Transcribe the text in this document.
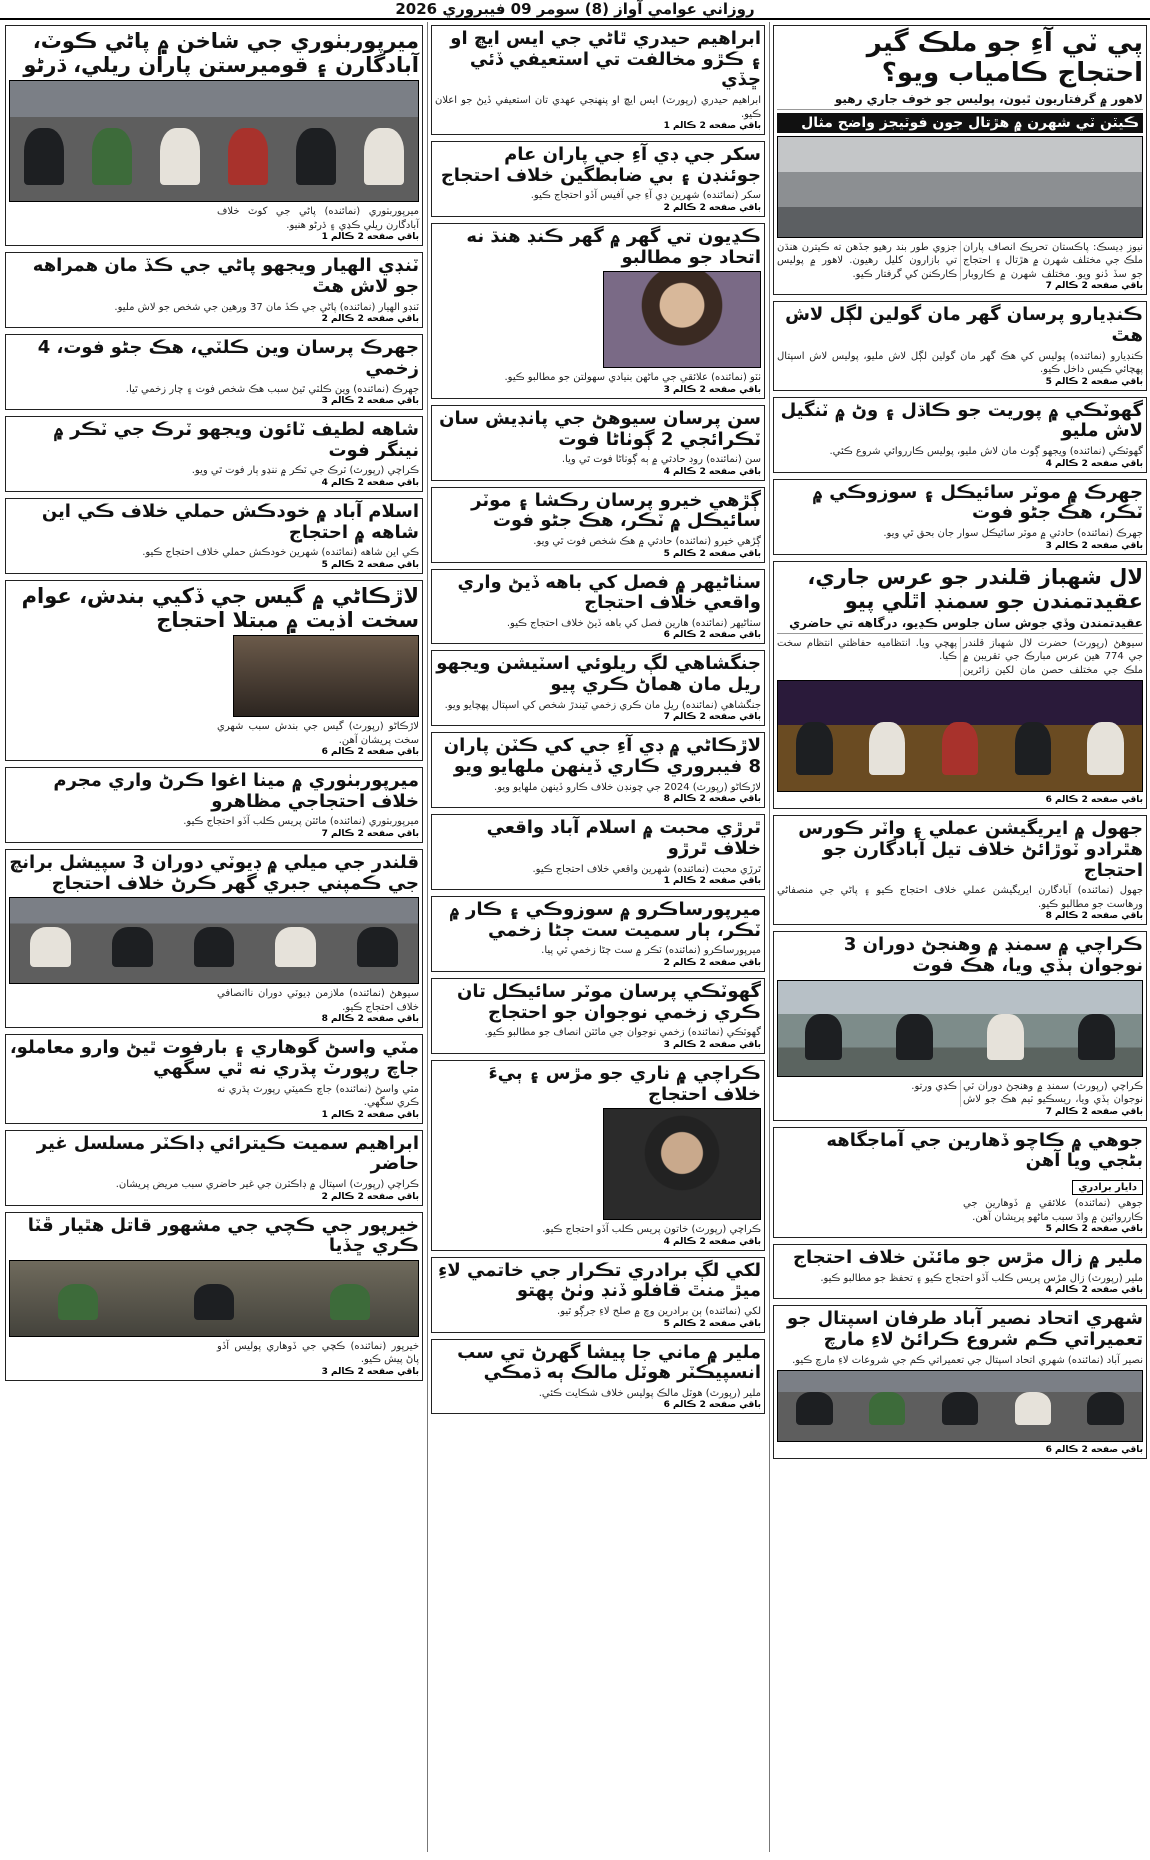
روزاني عوامي آواز (8) سومر 09 فيبروري 2026
پي ٽي آءِ جو ملڪ گير احتجاج ڪامياب ويو؟
لاهور ۾ گرفتاريون ٿيون، پوليس جو خوف جاري رهيو
ڪيٽن ٽي شهرن ۾ هڙتال جون فوٽيجز واضح مثال
نيوز ڊيسڪ: پاڪستان تحريڪ انصاف پاران ملڪ جي مختلف شهرن ۾ هڙتال ۽ احتجاج جو سڏ ڏنو ويو. مختلف شهرن ۾ ڪاروبار جزوي طور بند رهيو جڏهن ته ڪيترن هنڌن تي بازارون کليل رهيون. لاهور ۾ پوليس ڪارڪنن کي گرفتار ڪيو.
باقي صفحه 2 ڪالم 7
ڪنڊيارو پرسان گهر مان گولين لڳل لاش هٿ
ڪنڊيارو (نمائنده) پوليس کي هڪ گهر مان گولين لڳل لاش مليو، پوليس لاش اسپتال پهچائي ڪيس داخل ڪيو.
باقي صفحه 2 ڪالم 5
گهوٽڪي ۾ پوريت جو ڪاڌل ۽ وڻ ۾ ٽنگيل لاش مليو
گهوٽڪي (نمائنده) ويجهو ڳوٺ مان لاش مليو، پوليس ڪارروائي شروع ڪئي.
باقي صفحه 2 ڪالم 4
جهرڪ ۾ موٽر سائيڪل ۽ سوزوڪي ۾ ٽڪر، هڪ جڻو فوت
جهرڪ (نمائنده) حادثي ۾ موٽر سائيڪل سوار جان بحق ٿي ويو.
باقي صفحه 2 ڪالم 3
لال شهباز قلندر جو عرس جاري، عقيدتمندن جو سمنڊ اٿلي پيو
عقيدتمندن وڏي جوش سان جلوس ڪڍيو، درگاهه تي حاضري
سيوهڻ (رپورٽ) حضرت لال شهباز قلندر جي 774 هين عرس مبارڪ جي تقريبن ۾ ملڪ جي مختلف حصن مان لکين زائرين پهچي ويا. انتظاميه حفاظتي انتظام سخت ڪيا.
باقي صفحه 2 ڪالم 6
جهول ۾ ايريگيشن عملي ۽ واٽر ڪورس هٿرادو ٽوڙائڻ خلاف تيل آبادگارن جو احتجاج
جهول (نمائنده) آبادگارن ايريگيشن عملي خلاف احتجاج ڪيو ۽ پاڻي جي منصفاڻي ورهاست جو مطالبو ڪيو.
باقي صفحه 2 ڪالم 8
ڪراچي ۾ سمنڊ ۾ وهنجڻ دوران 3 نوجوان ٻڏي ويا، هڪ فوت
ڪراچي (رپورٽ) سمنڊ ۾ وهنجڻ دوران ٽي نوجوان ٻڏي ويا، ريسڪيو ٽيم هڪ جو لاش ڪڍي ورتو.
باقي صفحه 2 ڪالم 7
جوهي ۾ ڪاچو ڏهارين جي آماجگاهه بڻجي ويا آهن
دايار برادري
جوهي (نمائنده) علائقي ۾ ڏوهارين جي ڪارروائين ۾ واڌ سبب ماڻهو پريشان آهن.
باقي صفحه 2 ڪالم 5
ملير ۾ زال مڙس جو مائٽن خلاف احتجاج
ملير (رپورٽ) زال مڙس پريس ڪلب آڏو احتجاج ڪيو ۽ تحفظ جو مطالبو ڪيو.
باقي صفحه 2 ڪالم 4
شهري اتحاد نصير آباد طرفان اسپتال جو تعميراتي ڪم شروع ڪرائڻ لاءِ مارچ
نصير آباد (نمائنده) شهري اتحاد اسپتال جي تعميراتي ڪم جي شروعات لاءِ مارچ ڪيو.
باقي صفحه 2 ڪالم 6
ابراهيم حيدري ٿاڻي جي ايس ايڇ او ۽ ڪڙو مخالفت تي استعيفي ڏئي ڇڏي
ابراهيم حيدري (رپورٽ) ايس ايڇ او پنهنجي عهدي تان استعيفي ڏيڻ جو اعلان ڪيو.
باقي صفحه 2 ڪالم 1
سکر جي ڊي آءِ جي پاران عام جوئنڊن ۽ بي ضابطگين خلاف احتجاج
سکر (نمائنده) شهرين ڊي آءِ جي آفيس آڏو احتجاج ڪيو.
باقي صفحه 2 ڪالم 2
ڪڍيون تي گهر ۾ گهر ڪنڊ هنڌ نه اتحاد جو مطالبو
ٺٽو (نمائنده) علائقي جي ماڻهن بنيادي سهولتن جو مطالبو ڪيو.
باقي صفحه 2 ڪالم 3
سن پرسان سيوهڻ جي پانڊيش سان ٽڪرائجي 2 ڳوٺاڻا فوت
سن (نمائنده) روڊ حادثي ۾ ٻه ڳوٺاڻا فوت ٿي ويا.
باقي صفحه 2 ڪالم 4
ڳڙهي خيرو پرسان رڪشا ۽ موٽر سائيڪل ۾ ٽڪر، هڪ جڻو فوت
ڳڙهي خيرو (نمائنده) حادثي ۾ هڪ شخص فوت ٿي ويو.
باقي صفحه 2 ڪالم 5
سٺاڻيهر ۾ فصل کي باهه ڏيڻ واري واقعي خلاف احتجاج
سٺاڻيهر (نمائنده) هارين فصل کي باهه ڏيڻ خلاف احتجاج ڪيو.
باقي صفحه 2 ڪالم 6
جنگشاهي لڳ ريلوئي اسٽيشن ويجهو ريل مان هماڻ ڪري پيو
جنگشاهي (نمائنده) ريل مان ڪري زخمي ٿيندڙ شخص کي اسپتال پهچايو ويو.
باقي صفحه 2 ڪالم 7
لاڙڪاڻي ۾ ڊي آءِ جي کي ڪٽن پاران 8 فيبروري ڪاري ڏينهن ملهايو ويو
لاڙڪاڻو (رپورٽ) 2024 جي چونڊن خلاف ڪارو ڏينهن ملهايو ويو.
باقي صفحه 2 ڪالم 8
ٿرڙي محبت ۾ اسلام آباد واقعي خلاف ٿرڙو
ٿرڙي محبت (نمائنده) شهرين واقعي خلاف احتجاج ڪيو.
باقي صفحه 2 ڪالم 1
ميرپورساڪرو ۾ سوزوڪي ۽ ڪار ۾ ٽڪر، ٻار سميت ست ڄڻا زخمي
ميرپورساڪرو (نمائنده) ٽڪر ۾ ست ڄڻا زخمي ٿي پيا.
باقي صفحه 2 ڪالم 2
گهوٽڪي پرسان موٽر سائيڪل تان ڪري زخمي نوجوان جو احتجاج
گهوٽڪي (نمائنده) زخمي نوجوان جي مائٽن انصاف جو مطالبو ڪيو.
باقي صفحه 2 ڪالم 3
ڪراچي ۾ ناري جو مڙس ۽ ٻيءَ خلاف احتجاج
ڪراچي (رپورٽ) خاتون پريس ڪلب آڏو احتجاج ڪيو.
باقي صفحه 2 ڪالم 4
لکي لڳ برادري تڪرار جي خاتمي لاءِ ميڙ منٿ قافلو ڏنڊ وٺڻ پهتو
لکي (نمائنده) ٻن برادرين وچ ۾ صلح لاءِ جرڳو ٿيو.
باقي صفحه 2 ڪالم 5
ملير ۾ ماني جا پيشا گهرڻ تي سب انسپيڪٽر هوٽل مالڪ ٻه ڌمڪي
ملير (رپورٽ) هوٽل مالڪ پوليس خلاف شڪايت ڪئي.
باقي صفحه 2 ڪالم 6
ميرپوربٺوري جي شاخن ۾ پاڻي ڪوٽ، آبادگارن ۽ قوميرستن پاران ريلي، ڌرڻو
ميرپوربٺوري (نمائنده) پاڻي جي کوٽ خلاف آبادگارن ريلي ڪڍي ۽ ڌرڻو هنيو.
باقي صفحه 2 ڪالم 1
ٽنڊي الهيار ويجهو پاڻي جي ڪڏ مان همراهه جو لاش هٿ
ٽنڊو الهيار (نمائنده) پاڻي جي ڪڏ مان 37 ورهين جي شخص جو لاش مليو.
باقي صفحه 2 ڪالم 2
جهرڪ پرسان وين ڪلٽي، هڪ جڻو فوت، 4 زخمي
جهرڪ (نمائنده) وين ڪلٽي ٿيڻ سبب هڪ شخص فوت ۽ چار زخمي ٿيا.
باقي صفحه 2 ڪالم 3
شاهه لطيف ٽائون ويجهو ٽرڪ جي ٽڪر ۾ نينگر فوت
ڪراچي (رپورٽ) ٽرڪ جي ٽڪر ۾ ننڍو ٻار فوت ٿي ويو.
باقي صفحه 2 ڪالم 4
اسلام آباد ۾ خودڪش حملي خلاف ڪي اين شاهه ۾ احتجاج
ڪي اين شاهه (نمائنده) شهرين خودڪش حملي خلاف احتجاج ڪيو.
باقي صفحه 2 ڪالم 5
لاڙڪاڻي ۾ گيس جي ڏکيي بندش، عوام سخت اذيت ۾ مبتلا احتجاج
لاڙڪاڻو (رپورٽ) گيس جي بندش سبب شهري سخت پريشان آهن.
باقي صفحه 2 ڪالم 6
ميرپوربٺوري ۾ مينا اغوا ڪرڻ واري مجرم خلاف احتجاجي مظاهرو
ميرپوربٺوري (نمائنده) مائٽن پريس ڪلب آڏو احتجاج ڪيو.
باقي صفحه 2 ڪالم 7
قلندر جي ميلي ۾ ڊيوٽي دوران 3 سپيشل برانچ جي ڪمپني جبري گهر ڪرڻ خلاف احتجاج
سيوهڻ (نمائنده) ملازمن ڊيوٽي دوران ناانصافي خلاف احتجاج ڪيو.
باقي صفحه 2 ڪالم 8
مٽي واسڻ گوهاري ۽ بارفوت ٿيڻ وارو معاملو، جاچ رپورٽ پڌري نه ٿي سگهي
مٽي واسڻ (نمائنده) جاچ ڪميٽي رپورٽ پڌري نه ڪري سگهي.
باقي صفحه 2 ڪالم 1
ابراهيم سميت ڪيترائي ڊاڪٽر مسلسل غير حاضر
ڪراچي (رپورٽ) اسپتال ۾ ڊاڪٽرن جي غير حاضري سبب مريض پريشان.
باقي صفحه 2 ڪالم 2
خيرپور جي ڪچي جي مشهور قاتل هٿيار ڦٽا ڪري ڇڏيا
خيرپور (نمائنده) ڪچي جي ڏوهاري پوليس آڏو پاڻ پيش ڪيو.
باقي صفحه 2 ڪالم 3
